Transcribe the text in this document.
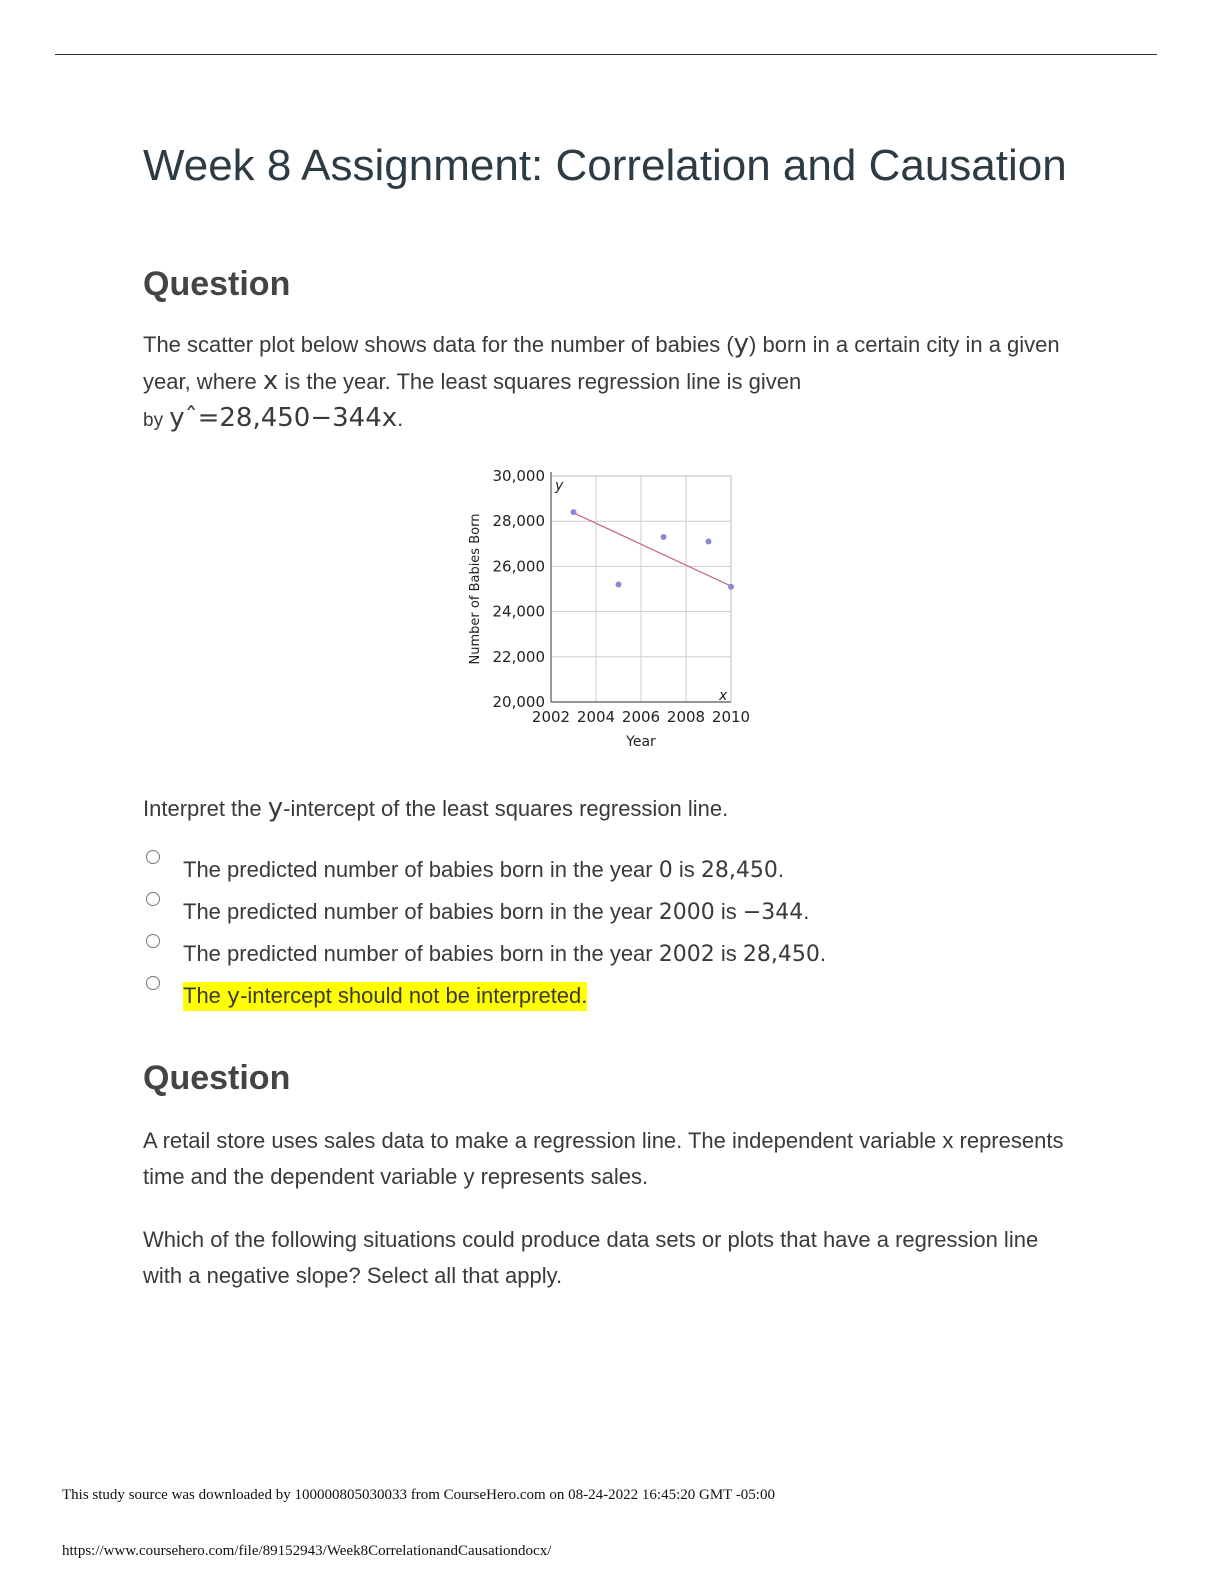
Week 8 Assignment: Correlation and Causation
Question

The scatter plot below shows data for the number of babies (y) born in a certain city in a given year, where x is the year. The least squares regression line is given
by yˆ=28,450−344x.

20,000
22,000
24,000
26,000
28,000
30,000
2002 2004 2006 2008 2010
y
x
Year
Number of Babies Born

Interpret the y-intercept of the least squares regression line.

The predicted number of babies born in the year 0 is 28,450.
The predicted number of babies born in the year 2000 is −344.
The predicted number of babies born in the year 2002 is 28,450.
The y-intercept should not be interpreted.
Question

A retail store uses sales data to make a regression line. The independent variable x represents time and the dependent variable y represents sales.

Which of the following situations could produce data sets or plots that have a regression line with a negative slope? Select all that apply.

This study source was downloaded by 100000805030033 from CourseHero.com on 08-24-2022 16:45:20 GMT -05:00
https://www.coursehero.com/file/89152943/Week8CorrelationandCausationdocx/
